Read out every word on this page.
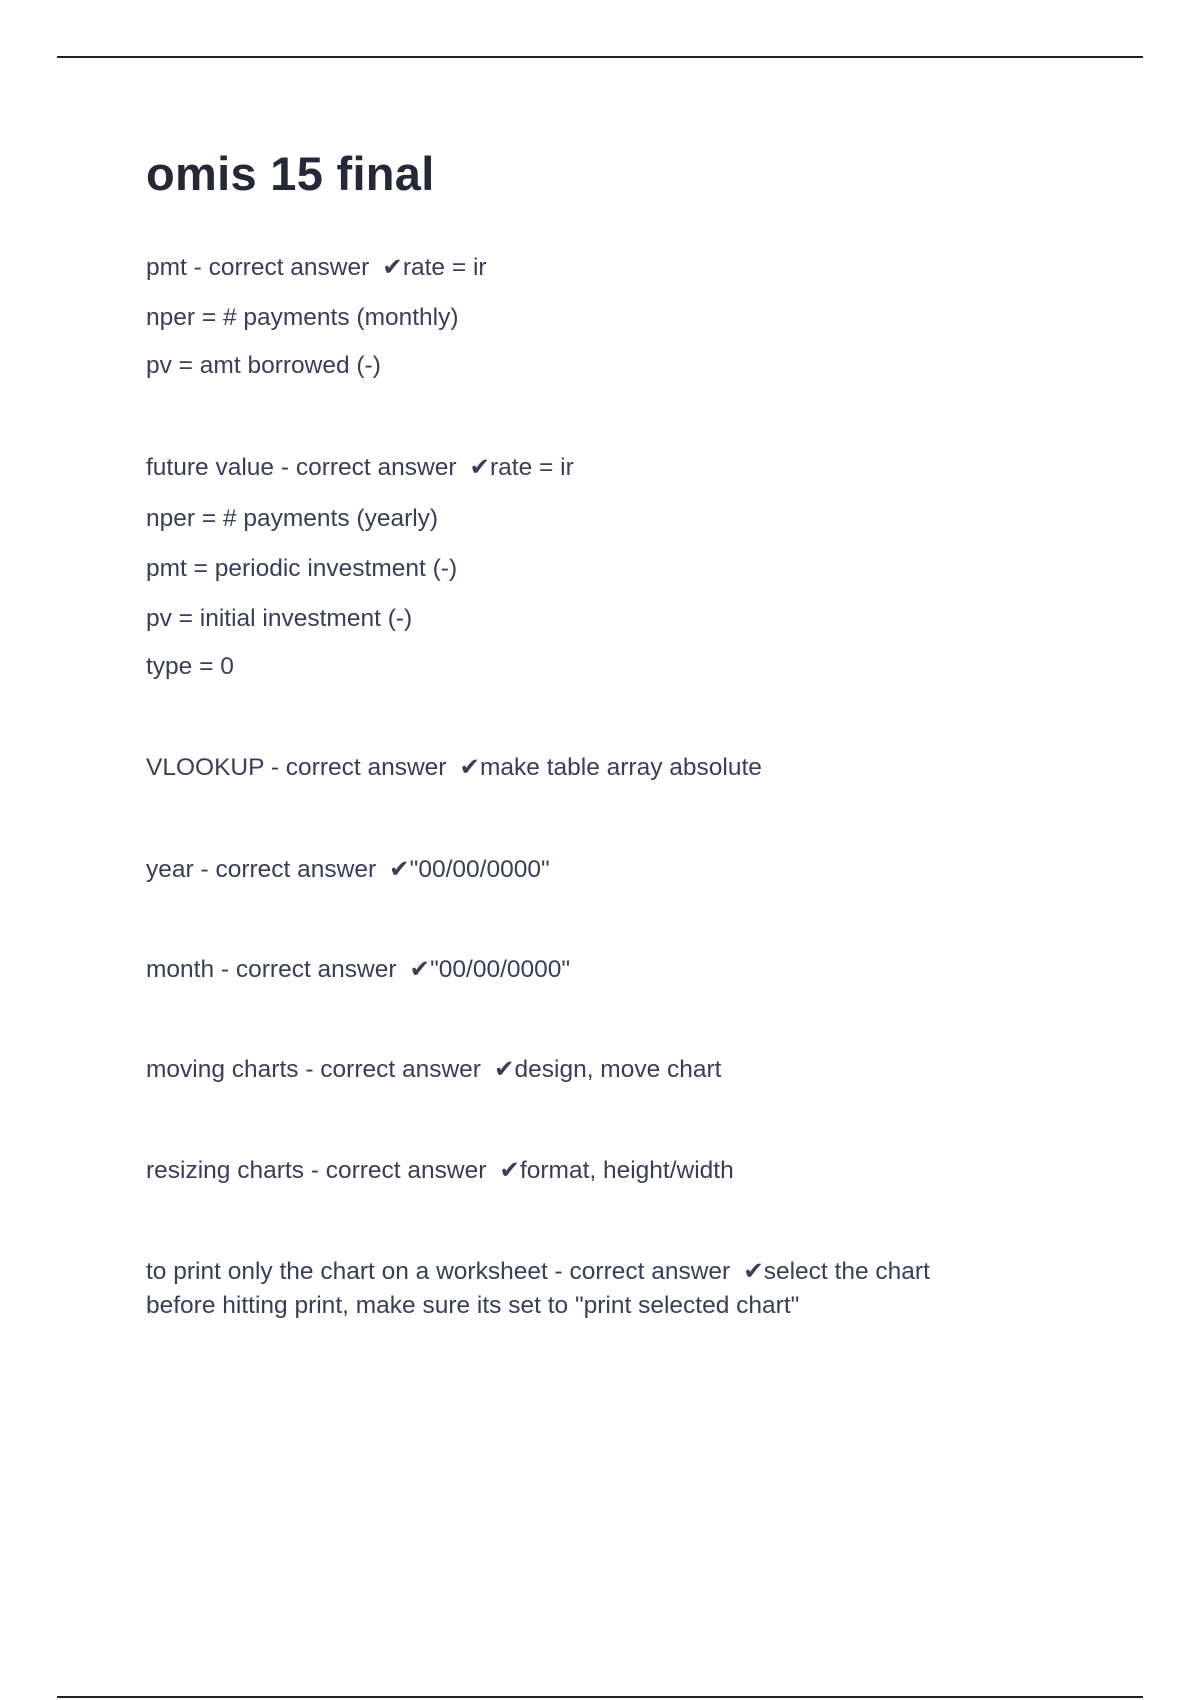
omis 15 final
pmt - correct answer ✔rate = ir
nper = # payments (monthly)
pv = amt borrowed (-)
future value - correct answer ✔rate = ir
nper = # payments (yearly)
pmt = periodic investment (-)
pv = initial investment (-)
type = 0
VLOOKUP - correct answer ✔make table array absolute
year - correct answer ✔"00/00/0000"
month - correct answer ✔"00/00/0000"
moving charts - correct answer ✔design, move chart
resizing charts - correct answer ✔format, height/width
to print only the chart on a worksheet - correct answer ✔select the chart
before hitting print, make sure its set to "print selected chart"
